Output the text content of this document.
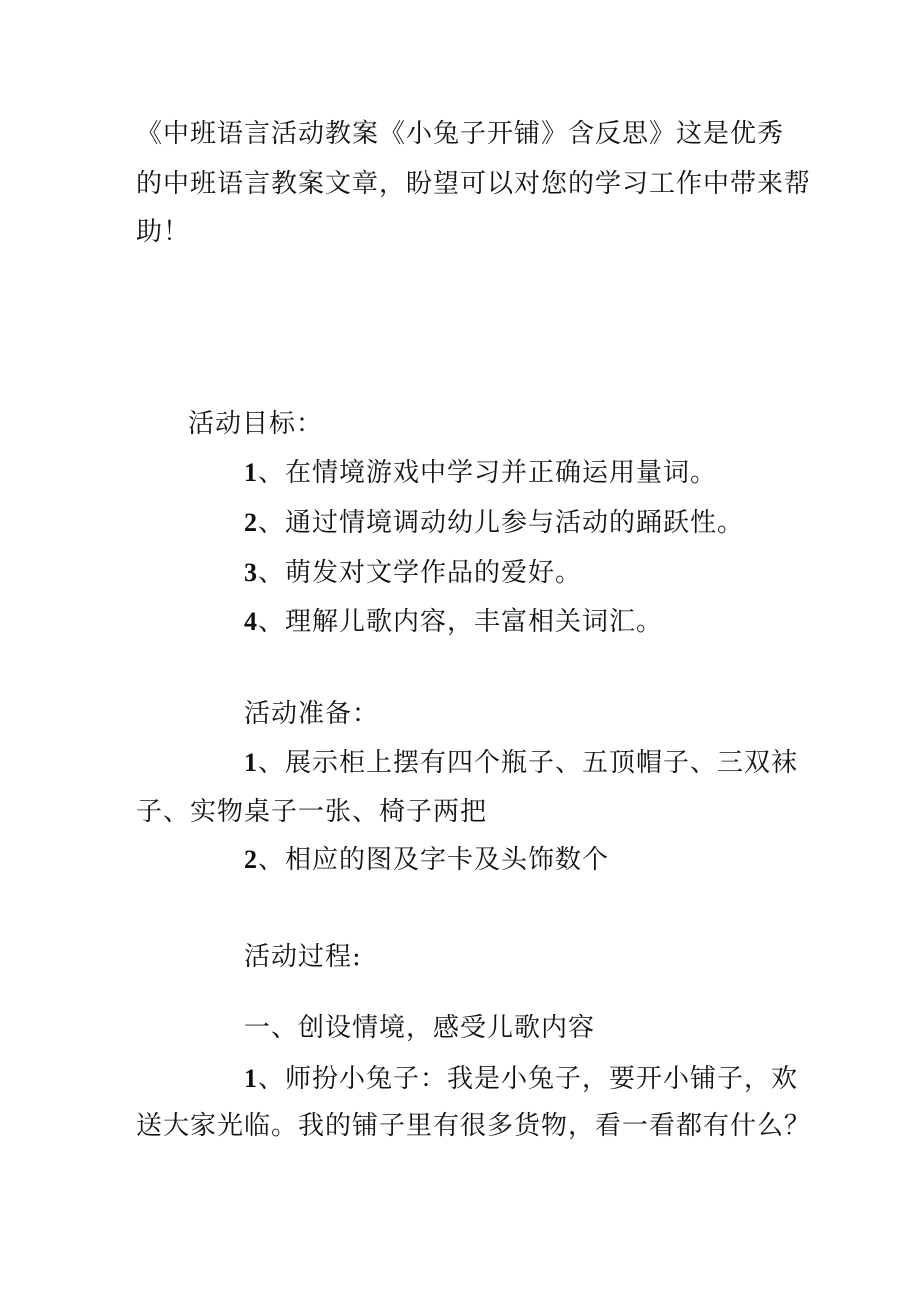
《中班语言活动教案《小兔子开铺》含反思》这是优秀
的中班语言教案文章，盼望可以对您的学习工作中带来帮
助！
活动目标：
1、在情境游戏中学习并正确运用量词。
2、通过情境调动幼儿参与活动的踊跃性。
3、萌发对文学作品的爱好。
4、理解儿歌内容，丰富相关词汇。
活动准备：
1、展示柜上摆有四个瓶子、五顶帽子、三双袜
子、实物桌子一张、椅子两把
2、相应的图及字卡及头饰数个
活动过程:
一、创设情境，感受儿歌内容
1、师扮小兔子：我是小兔子，要开小铺子，欢
送大家光临。我的铺子里有很多货物，看一看都有什么？
